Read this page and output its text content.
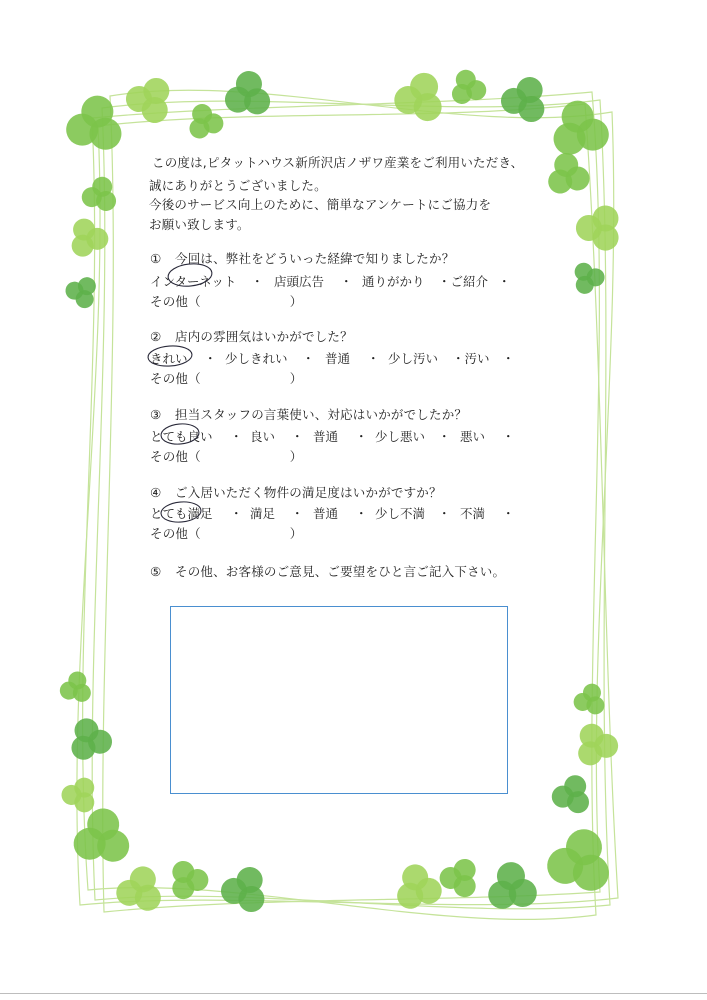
この度は,ピタットハウス新所沢店ノザワ産業をご利用いただき、
誠にありがとうございました。
今後のサービス向上のために、簡単なアンケートにご協力を
お願い致します。
① 今回は、弊社をどういった経緯で知りましたか？
インターネット ・ 店頭広告 ・ 通りがかり ・ご紹介 ・
その他（　　　　　　　）
② 店内の雰囲気はいかがでした？
きれい ・ 少しきれい ・ 普通 ・ 少し汚い ・汚い ・
その他（　　　　　　　）
③ 担当スタッフの言葉使い、対応はいかがでしたか？
とても良い ・ 良い ・ 普通 ・ 少し悪い ・ 悪い ・
その他（　　　　　　　）
④ ご入居いただく物件の満足度はいかがですか？
とても満足 ・ 満足 ・ 普通 ・ 少し不満 ・ 不満 ・
その他（　　　　　　　）
⑤ その他、お客様のご意見、ご要望をひと言ご記入下さい。
